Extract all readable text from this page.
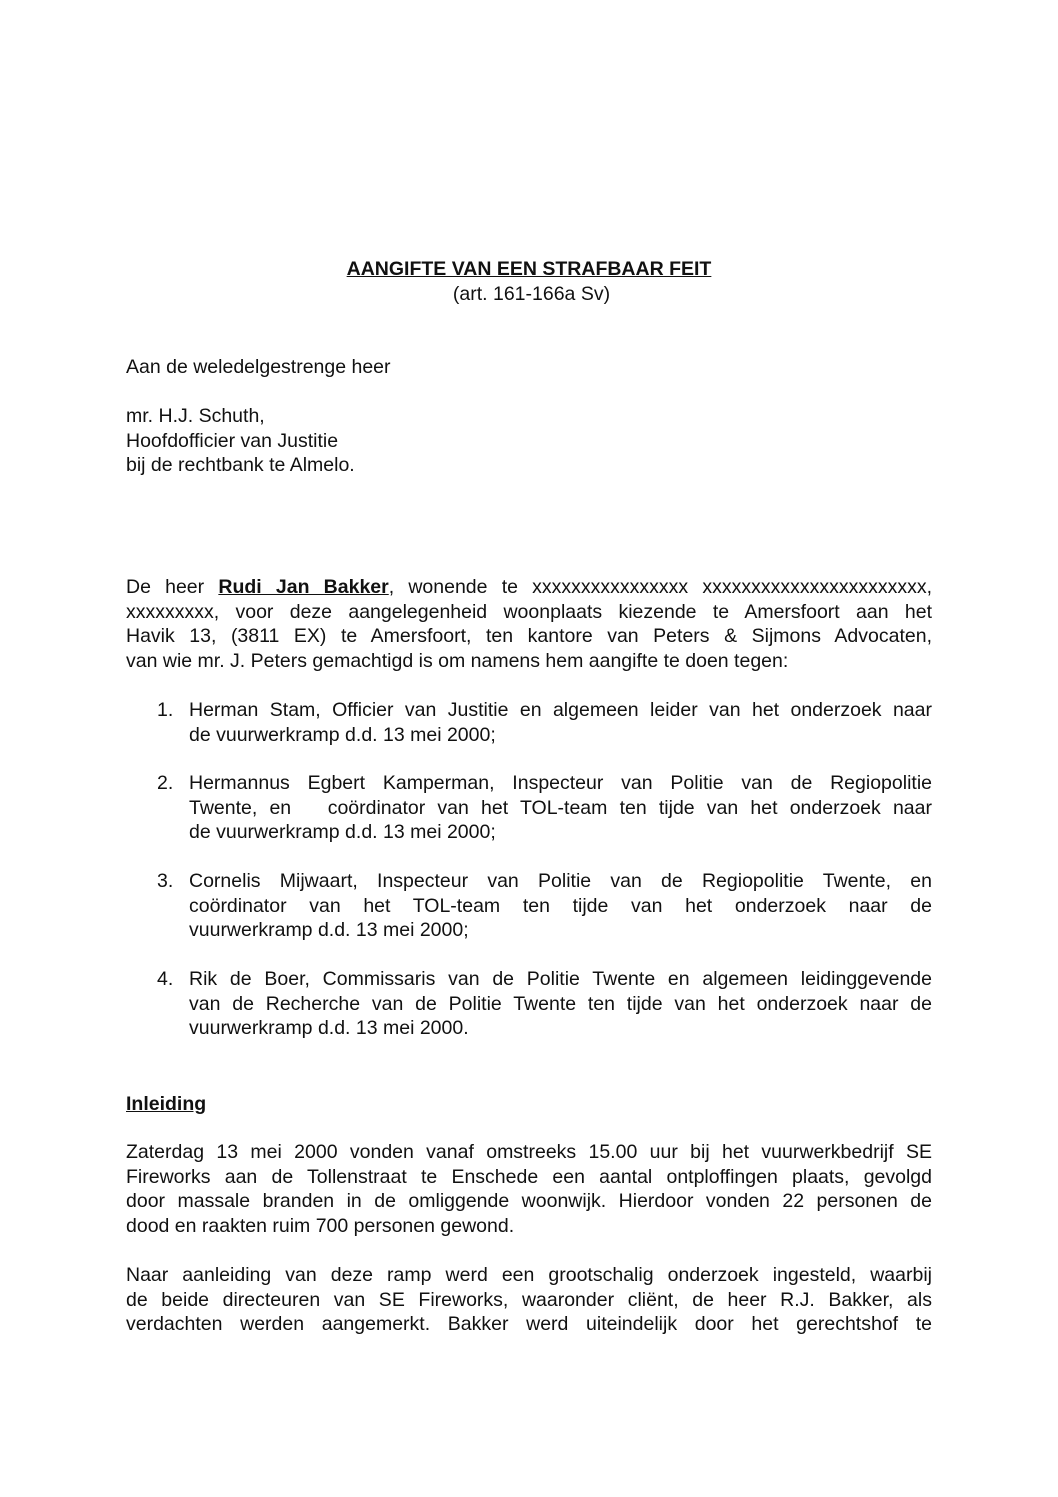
AANGIFTE VAN EEN STRAFBAAR FEIT
(art. 161-166a Sv)
Aan de weledelgestrenge heer
mr. H.J. Schuth,
Hoofdofficier van Justitie
bij de rechtbank te Almelo.
De heer Rudi Jan Bakker, wonende te xxxxxxxxxxxxxxxx xxxxxxxxxxxxxxxxxxxxxxx,
xxxxxxxxx, voor deze aangelegenheid woonplaats kiezende te Amersfoort aan het
Havik 13, (3811 EX) te Amersfoort, ten kantore van Peters & Sijmons Advocaten,
van wie mr. J. Peters gemachtigd is om namens hem aangifte te doen tegen:
1. Herman Stam, Officier van Justitie en algemeen leider van het onderzoek naar
de vuurwerkramp d.d. 13 mei 2000;
2. Hermannus Egbert Kamperman, Inspecteur van Politie van de Regiopolitie
Twente, en   coördinator van het TOL-team ten tijde van het onderzoek naar
de vuurwerkramp d.d. 13 mei 2000;
3. Cornelis Mijwaart, Inspecteur van Politie van de Regiopolitie Twente, en
coördinator van het TOL-team ten tijde van het onderzoek naar de
vuurwerkramp d.d. 13 mei 2000;
4. Rik de Boer, Commissaris van de Politie Twente en algemeen leidinggevende
van de Recherche van de Politie Twente ten tijde van het onderzoek naar de
vuurwerkramp d.d. 13 mei 2000.
Inleiding
Zaterdag 13 mei 2000 vonden vanaf omstreeks 15.00 uur bij het vuurwerkbedrijf SE
Fireworks aan de Tollenstraat te Enschede een aantal ontploffingen plaats, gevolgd
door massale branden in de omliggende woonwijk. Hierdoor vonden 22 personen de
dood en raakten ruim 700 personen gewond.
Naar aanleiding van deze ramp werd een grootschalig onderzoek ingesteld, waarbij
de beide directeuren van SE Fireworks, waaronder cliënt, de heer R.J. Bakker, als
verdachten werden aangemerkt. Bakker werd uiteindelijk door het gerechtshof te
